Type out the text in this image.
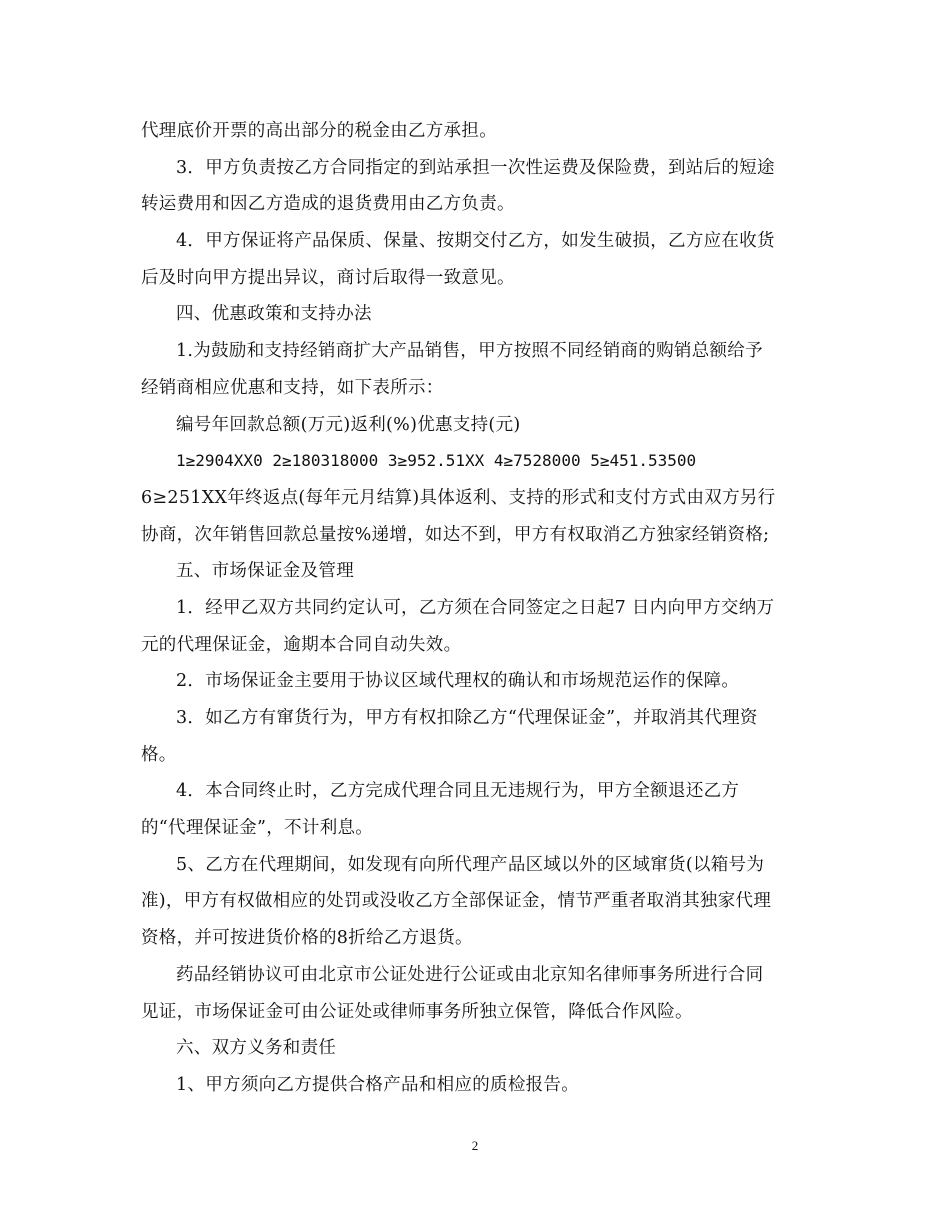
代理底价开票的高出部分的税金由乙方承担。
3．甲方负责按乙方合同指定的到站承担一次性运费及保险费，到站后的短途
转运费用和因乙方造成的退货费用由乙方负责。
4．甲方保证将产品保质、保量、按期交付乙方，如发生破损，乙方应在收货
后及时向甲方提出异议，商讨后取得一致意见。
四、优惠政策和支持办法
1.为鼓励和支持经销商扩大产品销售，甲方按照不同经销商的购销总额给予
经销商相应优惠和支持，如下表所示：
编号年回款总额(万元)返利(%)优惠支持(元)
1≥2904XX0 2≥180318000 3≥952.51XX 4≥7528000 5≥451.53500
6≥251XX年终返点(每年元月结算)具体返利、支持的形式和支付方式由双方另行
协商，次年销售回款总量按%递增，如达不到，甲方有权取消乙方独家经销资格;
五、市场保证金及管理
1．经甲乙双方共同约定认可，乙方须在合同签定之日起7 日内向甲方交纳万
元的代理保证金，逾期本合同自动失效。
2．市场保证金主要用于协议区域代理权的确认和市场规范运作的保障。
3．如乙方有窜货行为，甲方有权扣除乙方“代理保证金”，并取消其代理资
格。
4．本合同终止时，乙方完成代理合同且无违规行为，甲方全额退还乙方
的“代理保证金”，不计利息。
5、乙方在代理期间，如发现有向所代理产品区域以外的区域窜货(以箱号为
准)，甲方有权做相应的处罚或没收乙方全部保证金，情节严重者取消其独家代理
资格，并可按进货价格的8折给乙方退货。
药品经销协议可由北京市公证处进行公证或由北京知名律师事务所进行合同
见证，市场保证金可由公证处或律师事务所独立保管，降低合作风险。
六、双方义务和责任
1、甲方须向乙方提供合格产品和相应的质检报告。
2
